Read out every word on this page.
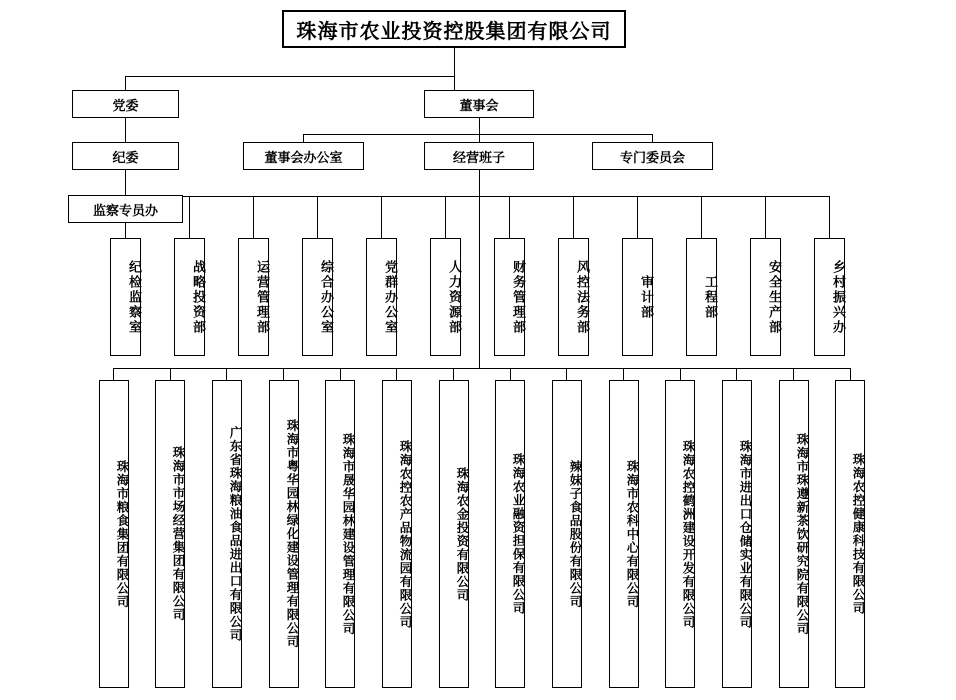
珠海市农业投资控股集团有限公司
党委	董事会
纪委
监察专员办
董事会办公室	经营班子	专门委员会
纪检监察室	战略投资部	运营管理部	综合办公室	党群办公室	人力资源部	财务管理部	风控法务部	审计部	工程部	安全生产部	乡村振兴办
珠海市粮食集团有限公司	珠海市市场经营集团有限公司	广东省珠海粮油食品进出口有限公司	珠海市粤华园林绿化建设管理有限公司	珠海市晟华园林建设管理有限公司	珠海农控农产品物流园有限公司	珠海农金投资有限公司	珠海农业融资担保有限公司	辣妹子食品股份有限公司	珠海市农科中心有限公司	珠海农控鹤洲建设开发有限公司	珠海市进出口仓储实业有限公司	珠海市珠遵新茶饮研究院有限公司	珠海农控健康科技有限公司
